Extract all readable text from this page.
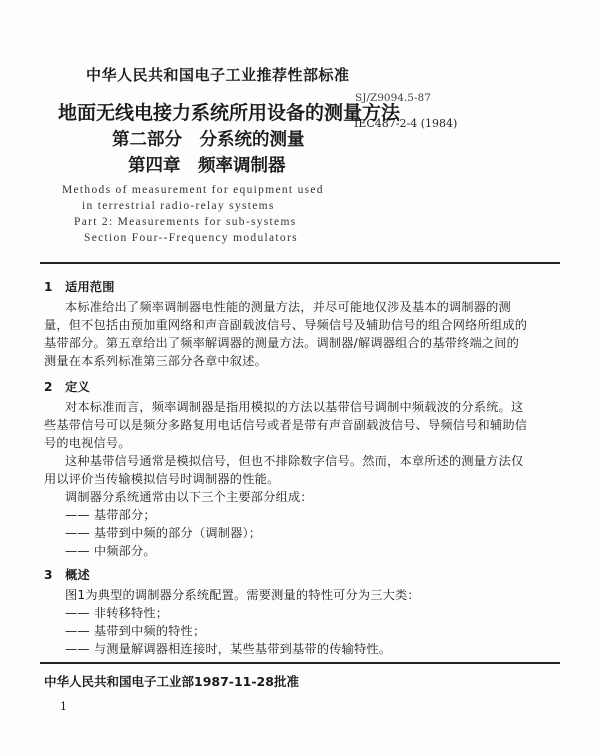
中华人民共和国电子工业推荐性部标准
SJ/Z9094.5-87
IEC487-2-4 (1984)
地面无线电接力系统所用设备的测量方法
第二部分　分系统的测量
第四章　频率调制器
Methods of measurement for equipment used
in terrestrial radio-relay systems
Part 2: Measurements for sub-systems
Section Four--Frequency modulators
1　适用范围
本标准给出了频率调制器电性能的测量方法，并尽可能地仅涉及基本的调制器的测
量，但不包括由预加重网络和声音副载波信号、导频信号及辅助信号的组合网络所组成的
基带部分。第五章给出了频率解调器的测量方法。调制器/解调器组合的基带终端之间的
测量在本系列标准第三部分各章中叙述。
2　定义
对本标准而言，频率调制器是指用模拟的方法以基带信号调制中频载波的分系统。这
些基带信号可以是频分多路复用电话信号或者是带有声音副载波信号、导频信号和辅助信
号的电视信号。
这种基带信号通常是模拟信号，但也不排除数字信号。然而，本章所述的测量方法仅
用以评价当传输模拟信号时调制器的性能。
调制器分系统通常由以下三个主要部分组成：
—— 基带部分；
—— 基带到中频的部分（调制器）；
—— 中频部分。
3　概述
图1为典型的调制器分系统配置。需要测量的特性可分为三大类：
—— 非转移特性；
—— 基带到中频的特性；
—— 与测量解调器相连接时，某些基带到基带的传输特性。
中华人民共和国电子工业部1987-11-28批准
1
